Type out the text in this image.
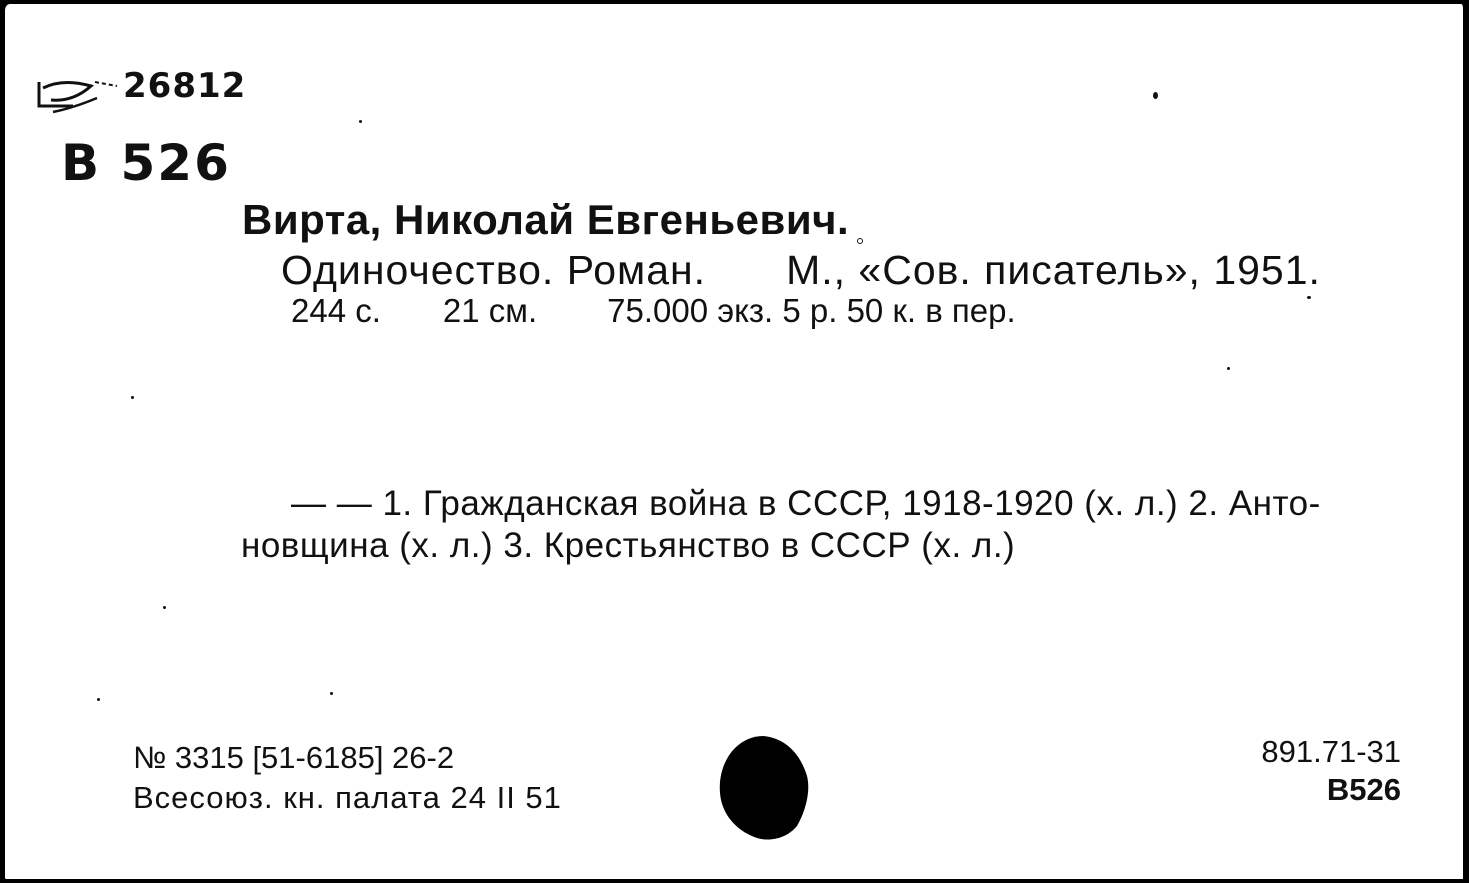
26812
В 526
Вирта, Николай Евгеньевич.
Одиночество. Роман. М., «Сов. писатель», 1951.
244 с. 21 см. 75.000 экз. 5 р. 50 к. в пер.
— — 1. Гражданская война в СССР, 1918-1920 (х. л.) 2. Анто-
новщина (х. л.) 3. Крестьянство в СССР (х. л.)
№ 3315 [51-6185] 26-2
Всесоюз. кн. палата 24 II 51
891.71-31
В526
